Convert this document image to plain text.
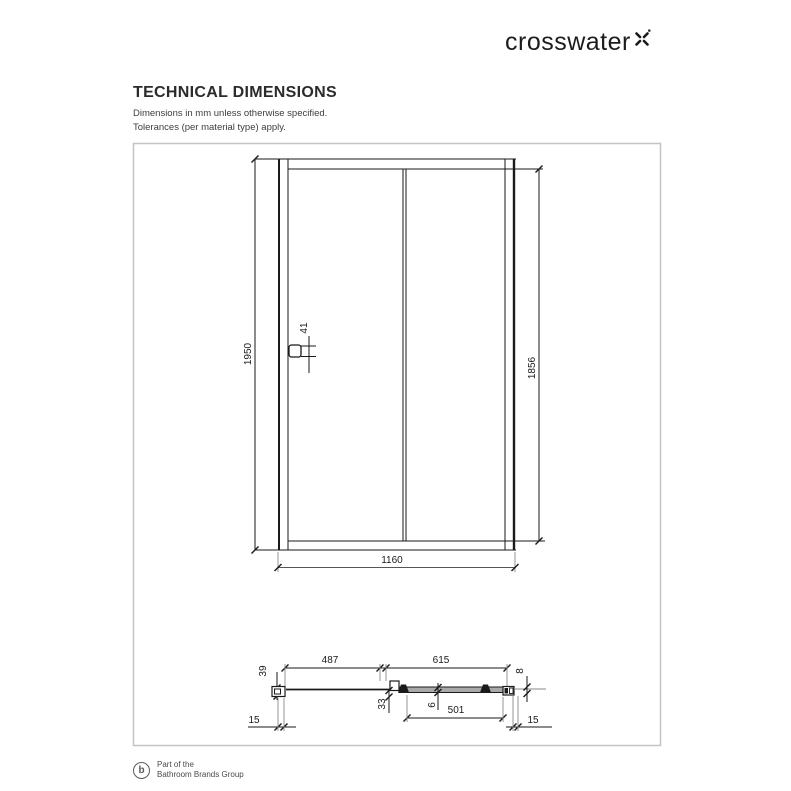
crosswater
TECHNICAL DIMENSIONS
Dimensions in mm unless otherwise specified.
Tolerances (per material type) apply.
1950
1856
41
1160
487	615
39	8
33	6 501
15	15
b
Part of the
Bathroom Brands Group
